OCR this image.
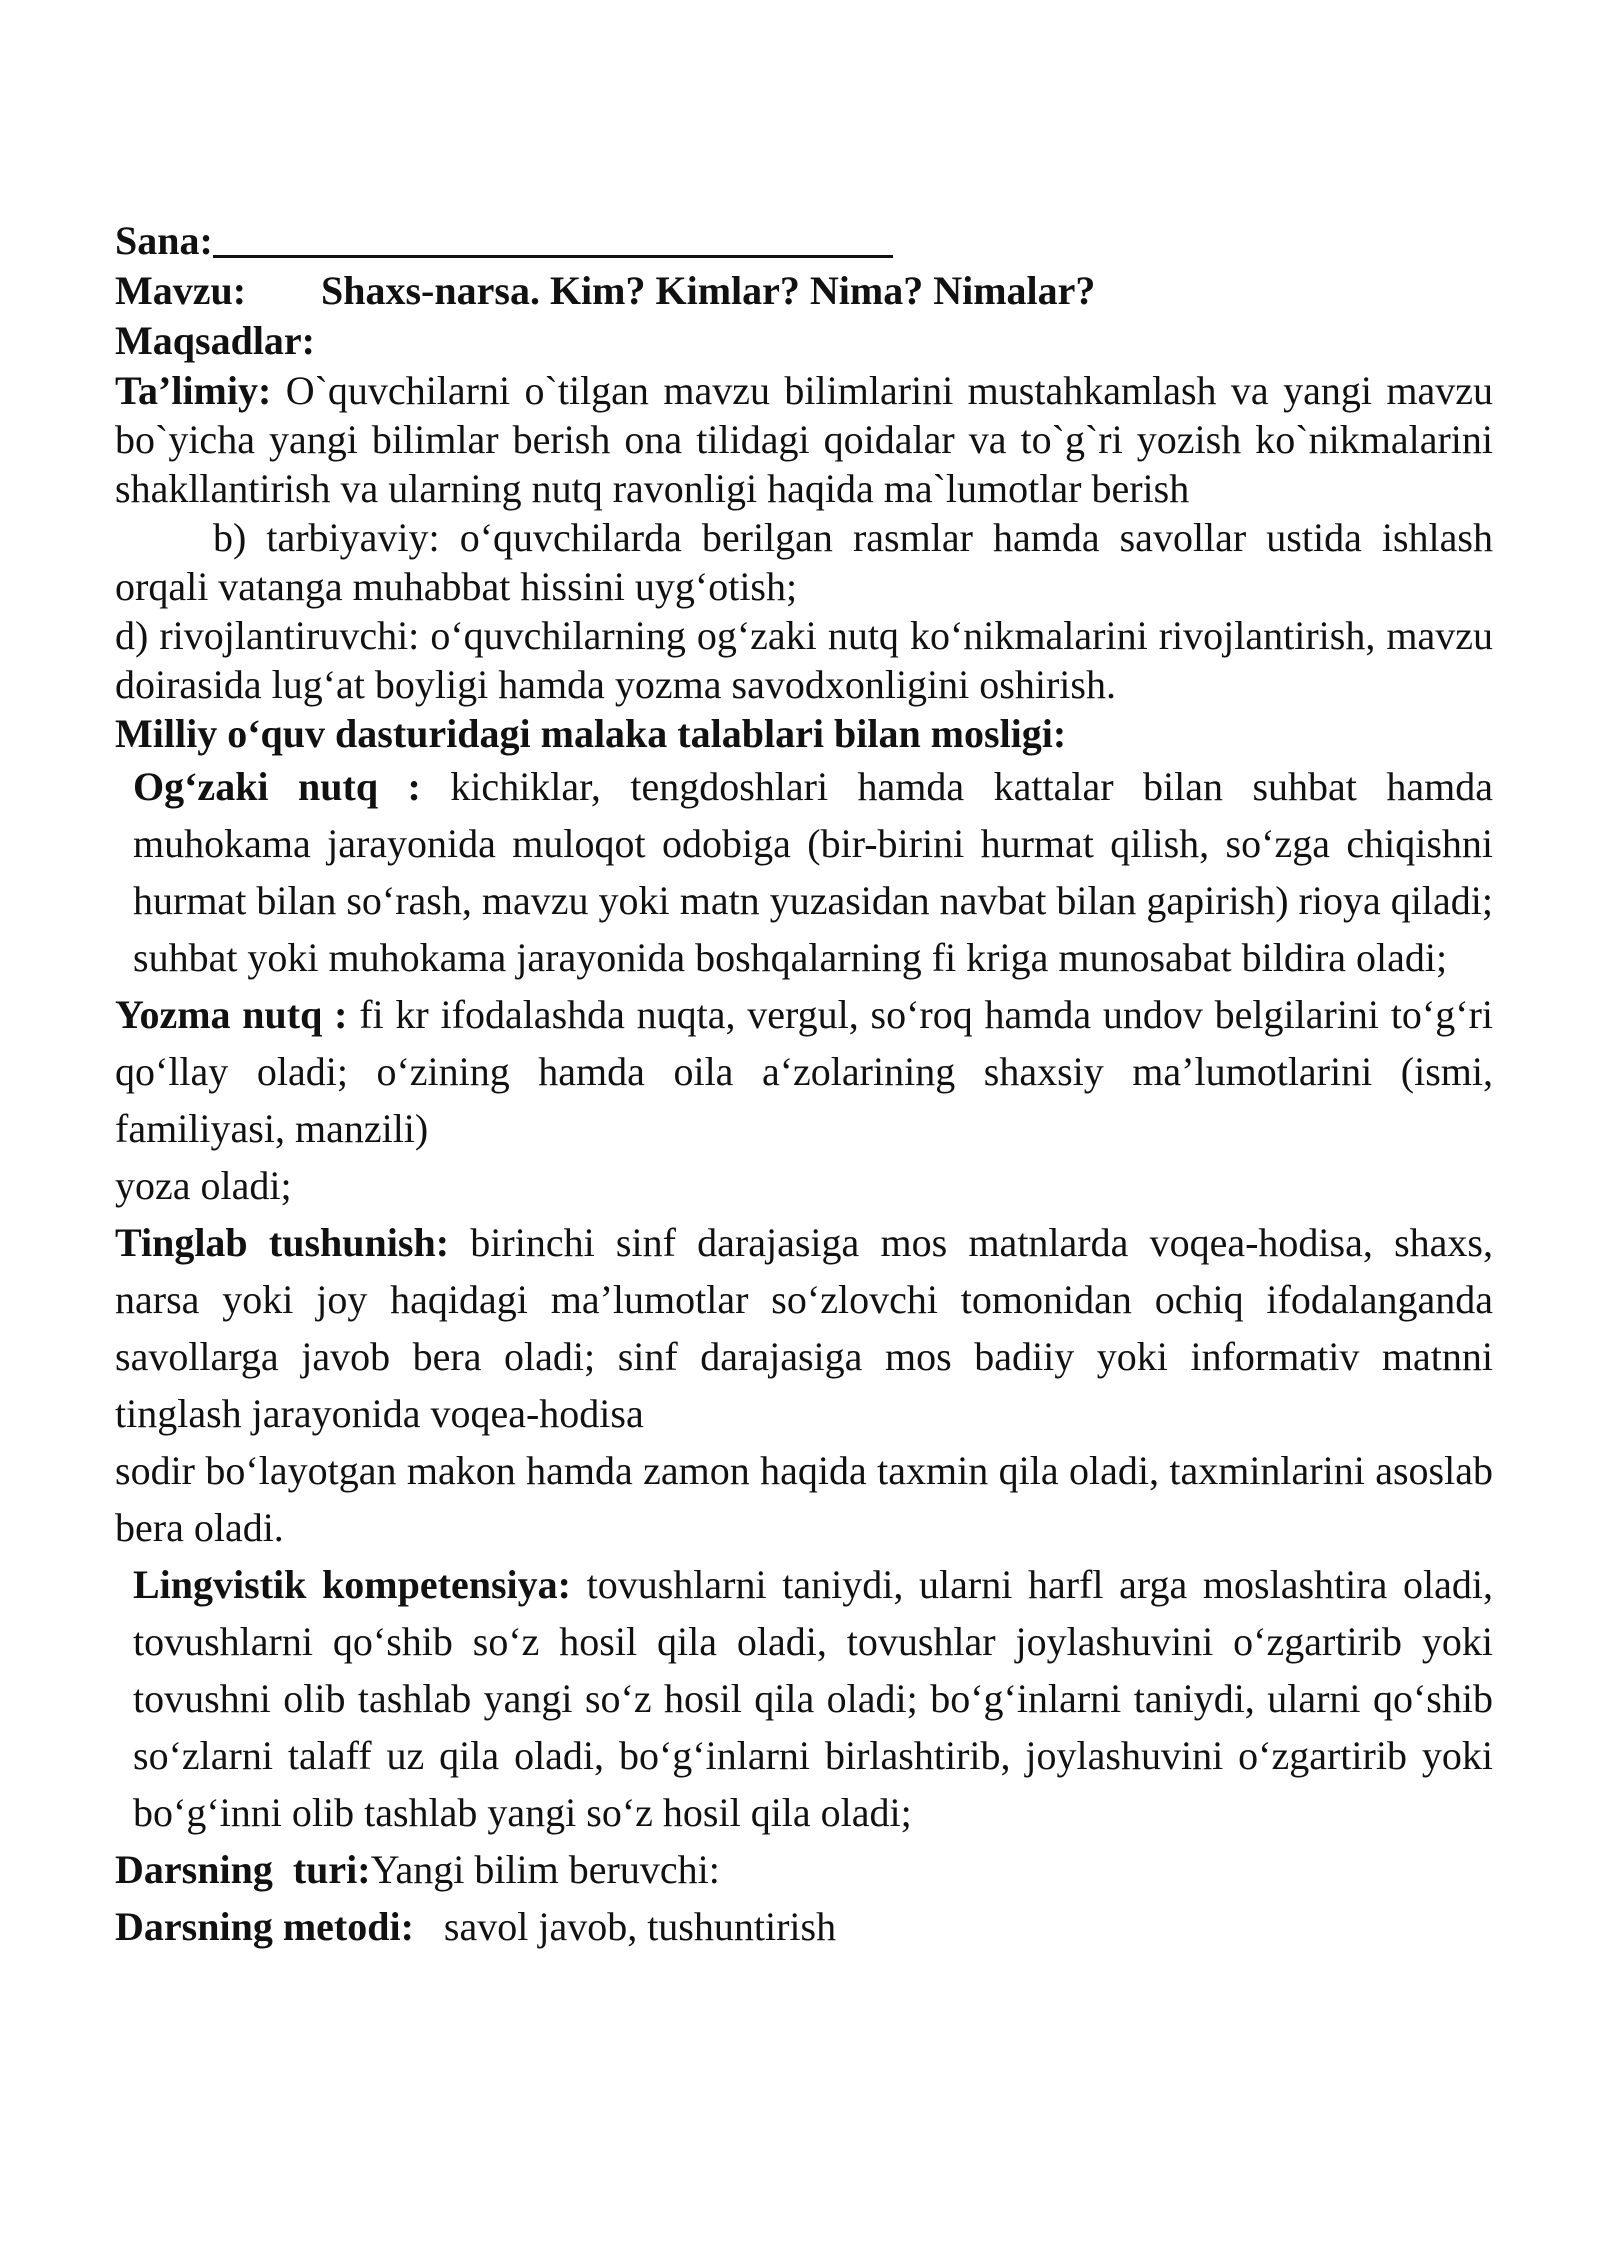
Sana:
Mavzu:	Shaxs-narsa. Kim? Kimlar? Nima? Nimalar?
Maqsadlar:

Ta’limiy: O`quvchilarni o`tilgan mavzu bilimlarini mustahkamlash va yangi mavzu bo`yicha yangi bilimlar berish ona tilidagi qoidalar va to`g`ri yozish ko`nikmalarini shakllantirish va ularning nutq ravonligi haqida ma`lumotlar berish

b) tarbiyaviy: o‘quvchilarda berilgan rasmlar hamda savollar ustida ishlash orqali vatanga muhabbat hissini uyg‘otish;

d) rivojlantiruvchi: o‘quvchilarning og‘zaki nutq ko‘nikmalarini rivojlantirish, mavzu doirasida lug‘at boyligi hamda yozma savodxonligini oshirish.

Milliy o‘quv dasturidagi malaka talablari bilan mosligi:

Og‘zaki nutq : kichiklar, tengdoshlari hamda kattalar bilan suhbat hamda muhokama jarayonida muloqot odobiga (bir-birini hurmat qilish, so‘zga chiqishni hurmat bilan so‘rash, mavzu yoki matn yuzasidan navbat bilan gapirish) rioya qiladi; suhbat yoki muhokama jarayonida boshqalarning fi kriga munosabat bildira oladi;

Yozma nutq : fi kr ifodalashda nuqta, vergul, so‘roq hamda undov belgilarini to‘g‘ri qo‘llay oladi; o‘zining hamda oila a‘zolarining shaxsiy ma’lumotlarini (ismi, familiyasi, manzili)

yoza oladi;

Tinglab tushunish: birinchi sinf darajasiga mos matnlarda voqea-hodisa, shaxs, narsa yoki joy haqidagi ma’lumotlar so‘zlovchi tomonidan ochiq ifodalanganda savollarga javob bera oladi; sinf darajasiga mos badiiy yoki informativ matnni tinglash jarayonida voqea-hodisa

sodir bo‘layotgan makon hamda zamon haqida taxmin qila oladi, taxminlarini asoslab bera oladi.

Lingvistik kompetensiya: tovushlarni taniydi, ularni harfl arga moslashtira oladi, tovushlarni qo‘shib so‘z hosil qila oladi, tovushlar joylashuvini o‘zgartirib yoki tovushni olib tashlab yangi so‘z hosil qila oladi; bo‘g‘inlarni taniydi, ularni qo‘shib so‘zlarni talaff uz qila oladi, bo‘g‘inlarni birlashtirib, joylashuvini o‘zgartirib yoki bo‘g‘inni olib tashlab yangi so‘z hosil qila oladi;

Darsning  turi:Yangi bilim beruvchi:

Darsning metodi: savol javob, tushuntirish
